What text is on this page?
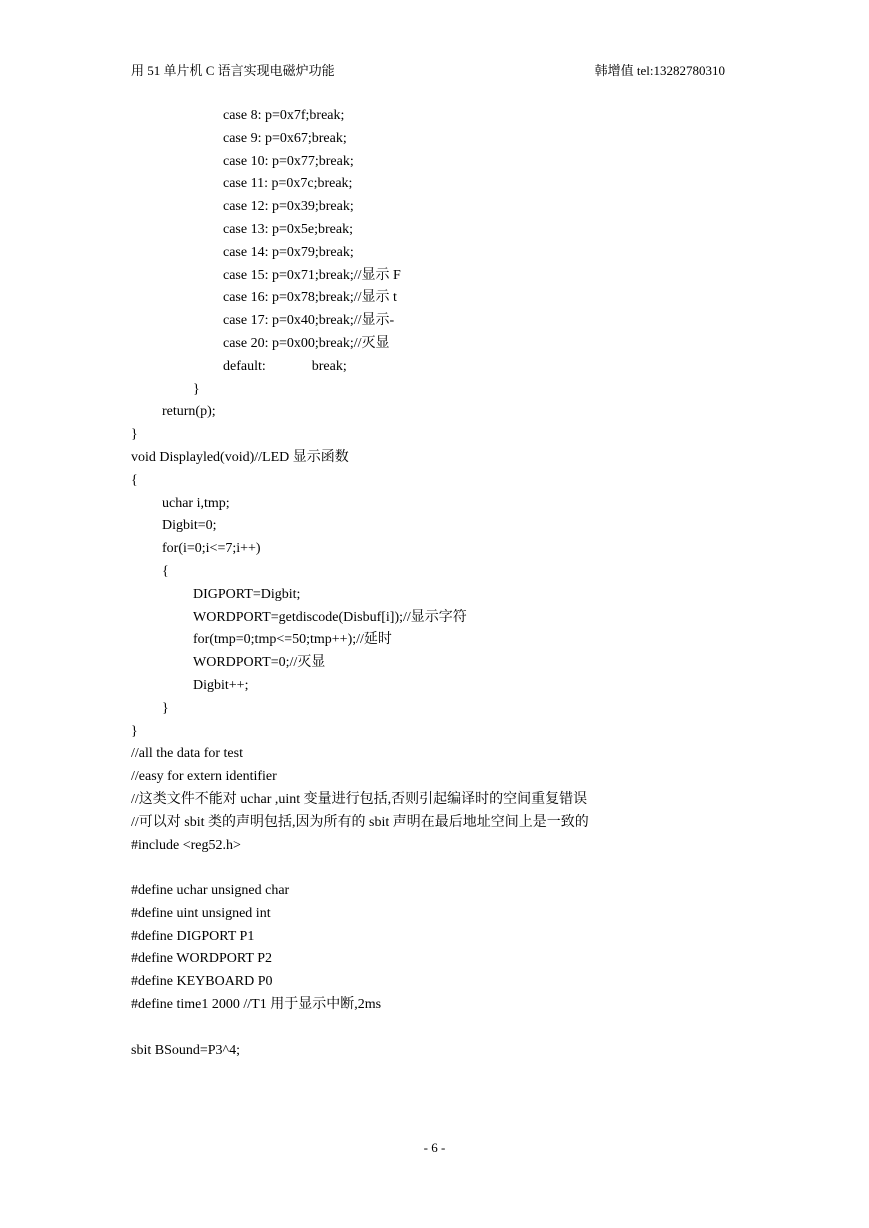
用 51 单片机 C 语言实现电磁炉功能	韩增值 tel:13282780310
case 8: p=0x7f;break;
case 9: p=0x67;break;
case 10: p=0x77;break;
case 11: p=0x7c;break;
case 12: p=0x39;break;
case 13: p=0x5e;break;
case 14: p=0x79;break;
case 15: p=0x71;break;//显示 F
case 16: p=0x78;break;//显示 t
case 17: p=0x40;break;//显示-
case 20: p=0x00;break;//灭显
default:	break;
}
return(p);
}
void Displayled(void)//LED 显示函数
{
uchar i,tmp;
Digbit=0;
for(i=0;i<=7;i++)
{
DIGPORT=Digbit;
WORDPORT=getdiscode(Disbuf[i]);//显示字符
for(tmp=0;tmp<=50;tmp++);//延时
WORDPORT=0;//灭显
Digbit++;
}
}
//all the data for test
//easy for extern identifier
//这类文件不能对 uchar ,uint 变量进行包括,否则引起编译时的空间重复错误
//可以对 sbit 类的声明包括,因为所有的 sbit 声明在最后地址空间上是一致的
#include <reg52.h>
#define uchar unsigned char
#define uint unsigned int
#define DIGPORT P1
#define WORDPORT P2
#define KEYBOARD P0
#define time1 2000 //T1 用于显示中断,2ms
sbit BSound=P3^4;
- 6 -
